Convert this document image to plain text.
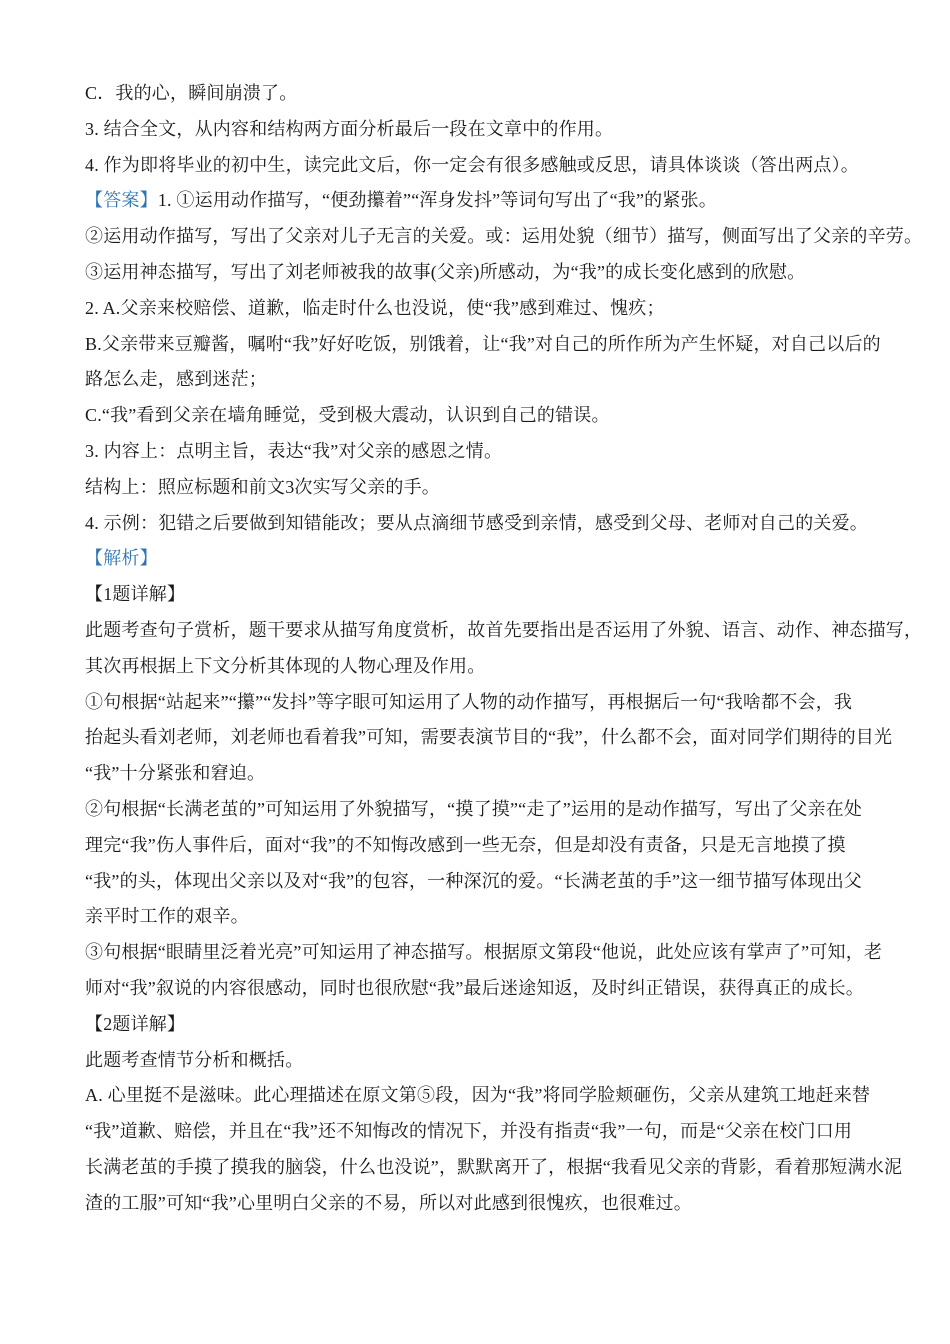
C．我的心，瞬间崩溃了。
3. 结合全文，从内容和结构两方面分析最后一段在文章中的作用。
4. 作为即将毕业的初中生，读完此文后，你一定会有很多感触或反思，请具体谈谈（答出两点）。
【答案】1. ①运用动作描写，“便劲攥着”“浑身发抖”等词句写出了“我”的紧张。
②运用动作描写，写出了父亲对儿子无言的关爱。或：运用处貌（细节）描写，侧面写出了父亲的辛劳。
③运用神态描写，写出了刘老师被我的故事(父亲)所感动，为“我”的成长变化感到的欣慰。
2. A.父亲来校赔偿、道歉，临走时什么也没说，使“我”感到难过、愧疚；
B.父亲带来豆瓣酱，嘱咐“我”好好吃饭，别饿着，让“我”对自己的所作所为产生怀疑，对自己以后的
路怎么走，感到迷茫；
C.“我”看到父亲在墙角睡觉，受到极大震动，认识到自己的错误。
3. 内容上：点明主旨，表达“我”对父亲的感恩之情。
结构上：照应标题和前文3次实写父亲的手。
4. 示例：犯错之后要做到知错能改；要从点滴细节感受到亲情，感受到父母、老师对自己的关爱。
【解析】
【1题详解】
此题考查句子赏析，题干要求从描写角度赏析，故首先要指出是否运用了外貌、语言、动作、神态描写，
其次再根据上下文分析其体现的人物心理及作用。
①句根据“站起来”“攥”“发抖”等字眼可知运用了人物的动作描写，再根据后一句“我啥都不会，我
抬起头看刘老师，刘老师也看着我”可知，需要表演节目的“我”，什么都不会，面对同学们期待的目光
“我”十分紧张和窘迫。
②句根据“长满老茧的”可知运用了外貌描写，“摸了摸”“走了”运用的是动作描写，写出了父亲在处
理完“我”伤人事件后，面对“我”的不知悔改感到一些无奈，但是却没有责备，只是无言地摸了摸
“我”的头，体现出父亲以及对“我”的包容，一种深沉的爱。“长满老茧的手”这一细节描写体现出父
亲平时工作的艰辛。
③句根据“眼睛里泛着光亮”可知运用了神态描写。根据原文第段“他说，此处应该有掌声了”可知，老
师对“我”叙说的内容很感动，同时也很欣慰“我”最后迷途知返，及时纠正错误，获得真正的成长。
【2题详解】
此题考查情节分析和概括。
A. 心里挺不是滋味。此心理描述在原文第⑤段，因为“我”将同学脸颊砸伤，父亲从建筑工地赶来替
“我”道歉、赔偿，并且在“我”还不知悔改的情况下，并没有指责“我”一句，而是“父亲在校门口用
长满老茧的手摸了摸我的脑袋，什么也没说”，默默离开了，根据“我看见父亲的背影，看着那短满水泥
渣的工服”可知“我”心里明白父亲的不易，所以对此感到很愧疚，也很难过。
